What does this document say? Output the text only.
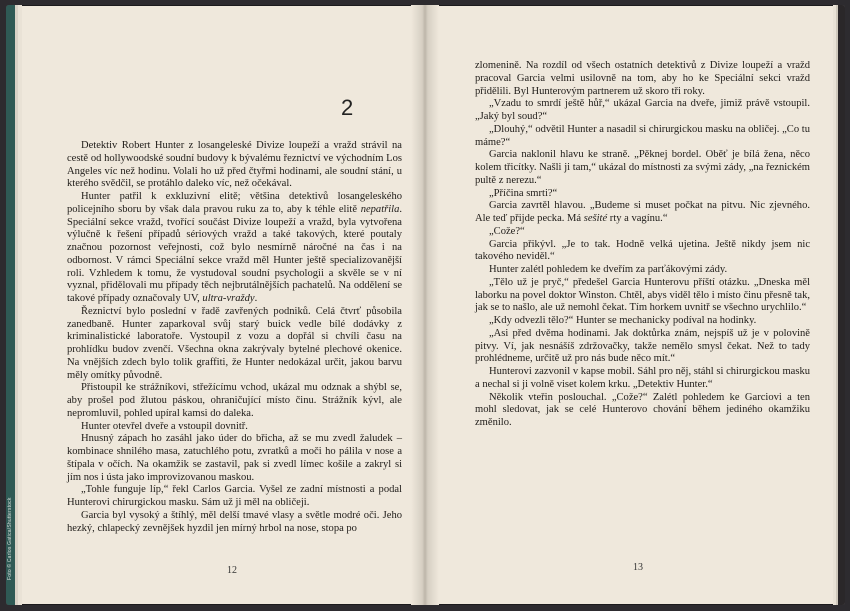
Foto © Carlos Gatica/Shutterstock
2

Detektiv Robert Hunter z losangeleské Divize loupeží a vražd strávil na cestě od hollywoodské soudní budovy k bývalému řeznictví ve východním Los Angeles víc než hodinu. Volali ho už před čtyřmi hodinami, ale soudní stání, u kterého svědčil, se protáhlo daleko víc, než očekával.

Hunter patřil k exkluzivní elitě; většina detektivů losangeleského policejního sboru by však dala pravou ruku za to, aby k téhle elitě nepatřila. Speciální sekce vražd, tvořící součást Divize loupeží a vražd, byla vytvořena výlučně k řešení případů sériových vražd a také takových, které poutaly značnou pozornost veřejnosti, což bylo nesmírně náročné na čas i na odbornost. V rámci Speciální sekce vražd měl Hunter ještě specializovanější roli. Vzhledem k tomu, že vystudoval soudní psychologii a skvěle se v ní vyznal, přidělovali mu případy těch nejbrutálnějších pachatelů. Na oddělení se takové případy označovaly UV, ultra-vraždy.

Řeznictví bylo poslední v řadě zavřených podniků. Celá čtvrť působila zanedbaně. Hunter zaparkoval svůj starý buick vedle bílé dodávky z kriminalistické laboratoře. Vystoupil z vozu a dopřál si chvíli času na prohlídku budov zvenčí. Všechna okna zakrývaly bytelné plechové okenice. Na vnějších zdech bylo tolik graffiti, že Hunter nedokázal určit, jakou barvu měly omítky původně.

Přistoupil ke strážníkovi, střežícímu vchod, ukázal mu odznak a shýbl se, aby prošel pod žlutou páskou, ohraničující místo činu. Strážník kývl, ale nepromluvil, pohled upíral kamsi do daleka.

Hunter otevřel dveře a vstoupil dovnitř.

Hnusný zápach ho zasáhl jako úder do břicha, až se mu zvedl žaludek – kombinace shnilého masa, zatuchlého potu, zvratků a moči ho pálila v nose a štípala v očích. Na okamžik se zastavil, pak si zvedl límec košile a zakryl si jím nos i ústa jako improvizovanou maskou.

„Tohle funguje líp,“ řekl Carlos Garcia. Vyšel ze zadní místnosti a podal Hunterovi chirurgickou masku. Sám už ji měl na obličeji.

Garcia byl vysoký a štíhlý, měl delší tmavé vlasy a světle modré oči. Jeho hezký, chlapecký zevnějšek hyzdil jen mírný hrbol na nose, stopa po

zlomenině. Na rozdíl od všech ostatních detektivů z Divize loupeží a vražd pracoval Garcia velmi usilovně na tom, aby ho ke Speciální sekci vražd přidělili. Byl Hunterovým partnerem už skoro tři roky.

„Vzadu to smrdí ještě hůř,“ ukázal Garcia na dveře, jimiž právě vstoupil. „Jaký byl soud?“

„Dlouhý,“ odvětil Hunter a nasadil si chirurgickou masku na obličej. „Co tu máme?“

Garcia naklonil hlavu ke straně. „Pěknej bordel. Oběť je bílá žena, něco kolem třicítky. Našli ji tam,“ ukázal do místnosti za svými zády, „na řeznickém pultě z nerezu.“

„Příčina smrti?“

Garcia zavrtěl hlavou. „Budeme si muset počkat na pitvu. Nic zjevného. Ale teď přijde pecka. Má sešité rty a vagínu.“

„Cože?“

Garcia přikývl. „Je to tak. Hodně velká ujetina. Ještě nikdy jsem nic takového neviděl.“

Hunter zalétl pohledem ke dveřím za parťákovými zády.

„Tělo už je pryč,“ předešel Garcia Hunterovu příští otázku. „Dneska měl laborku na povel doktor Winston. Chtěl, abys viděl tělo i místo činu přesně tak, jak se to našlo, ale už nemohl čekat. Tím horkem uvnitř se všechno urychlilo.“

„Kdy odvezli tělo?“ Hunter se mechanicky podíval na hodinky.

„Asi před dvěma hodinami. Jak doktůrka znám, nejspíš už je v polovině pitvy. Ví, jak nesnášíš zdržovačky, takže nemělo smysl čekat. Než to tady prohlédneme, určitě už pro nás bude něco mít.“

Hunterovi zazvonil v kapse mobil. Sáhl pro něj, stáhl si chirurgickou masku a nechal si ji volně viset kolem krku. „Detektiv Hunter.“

Několik vteřin poslouchal. „Cože?“ Zalétl pohledem ke Garciovi a ten mohl sledovat, jak se celé Hunterovo chování během jediného okamžiku změnilo.

12	13
